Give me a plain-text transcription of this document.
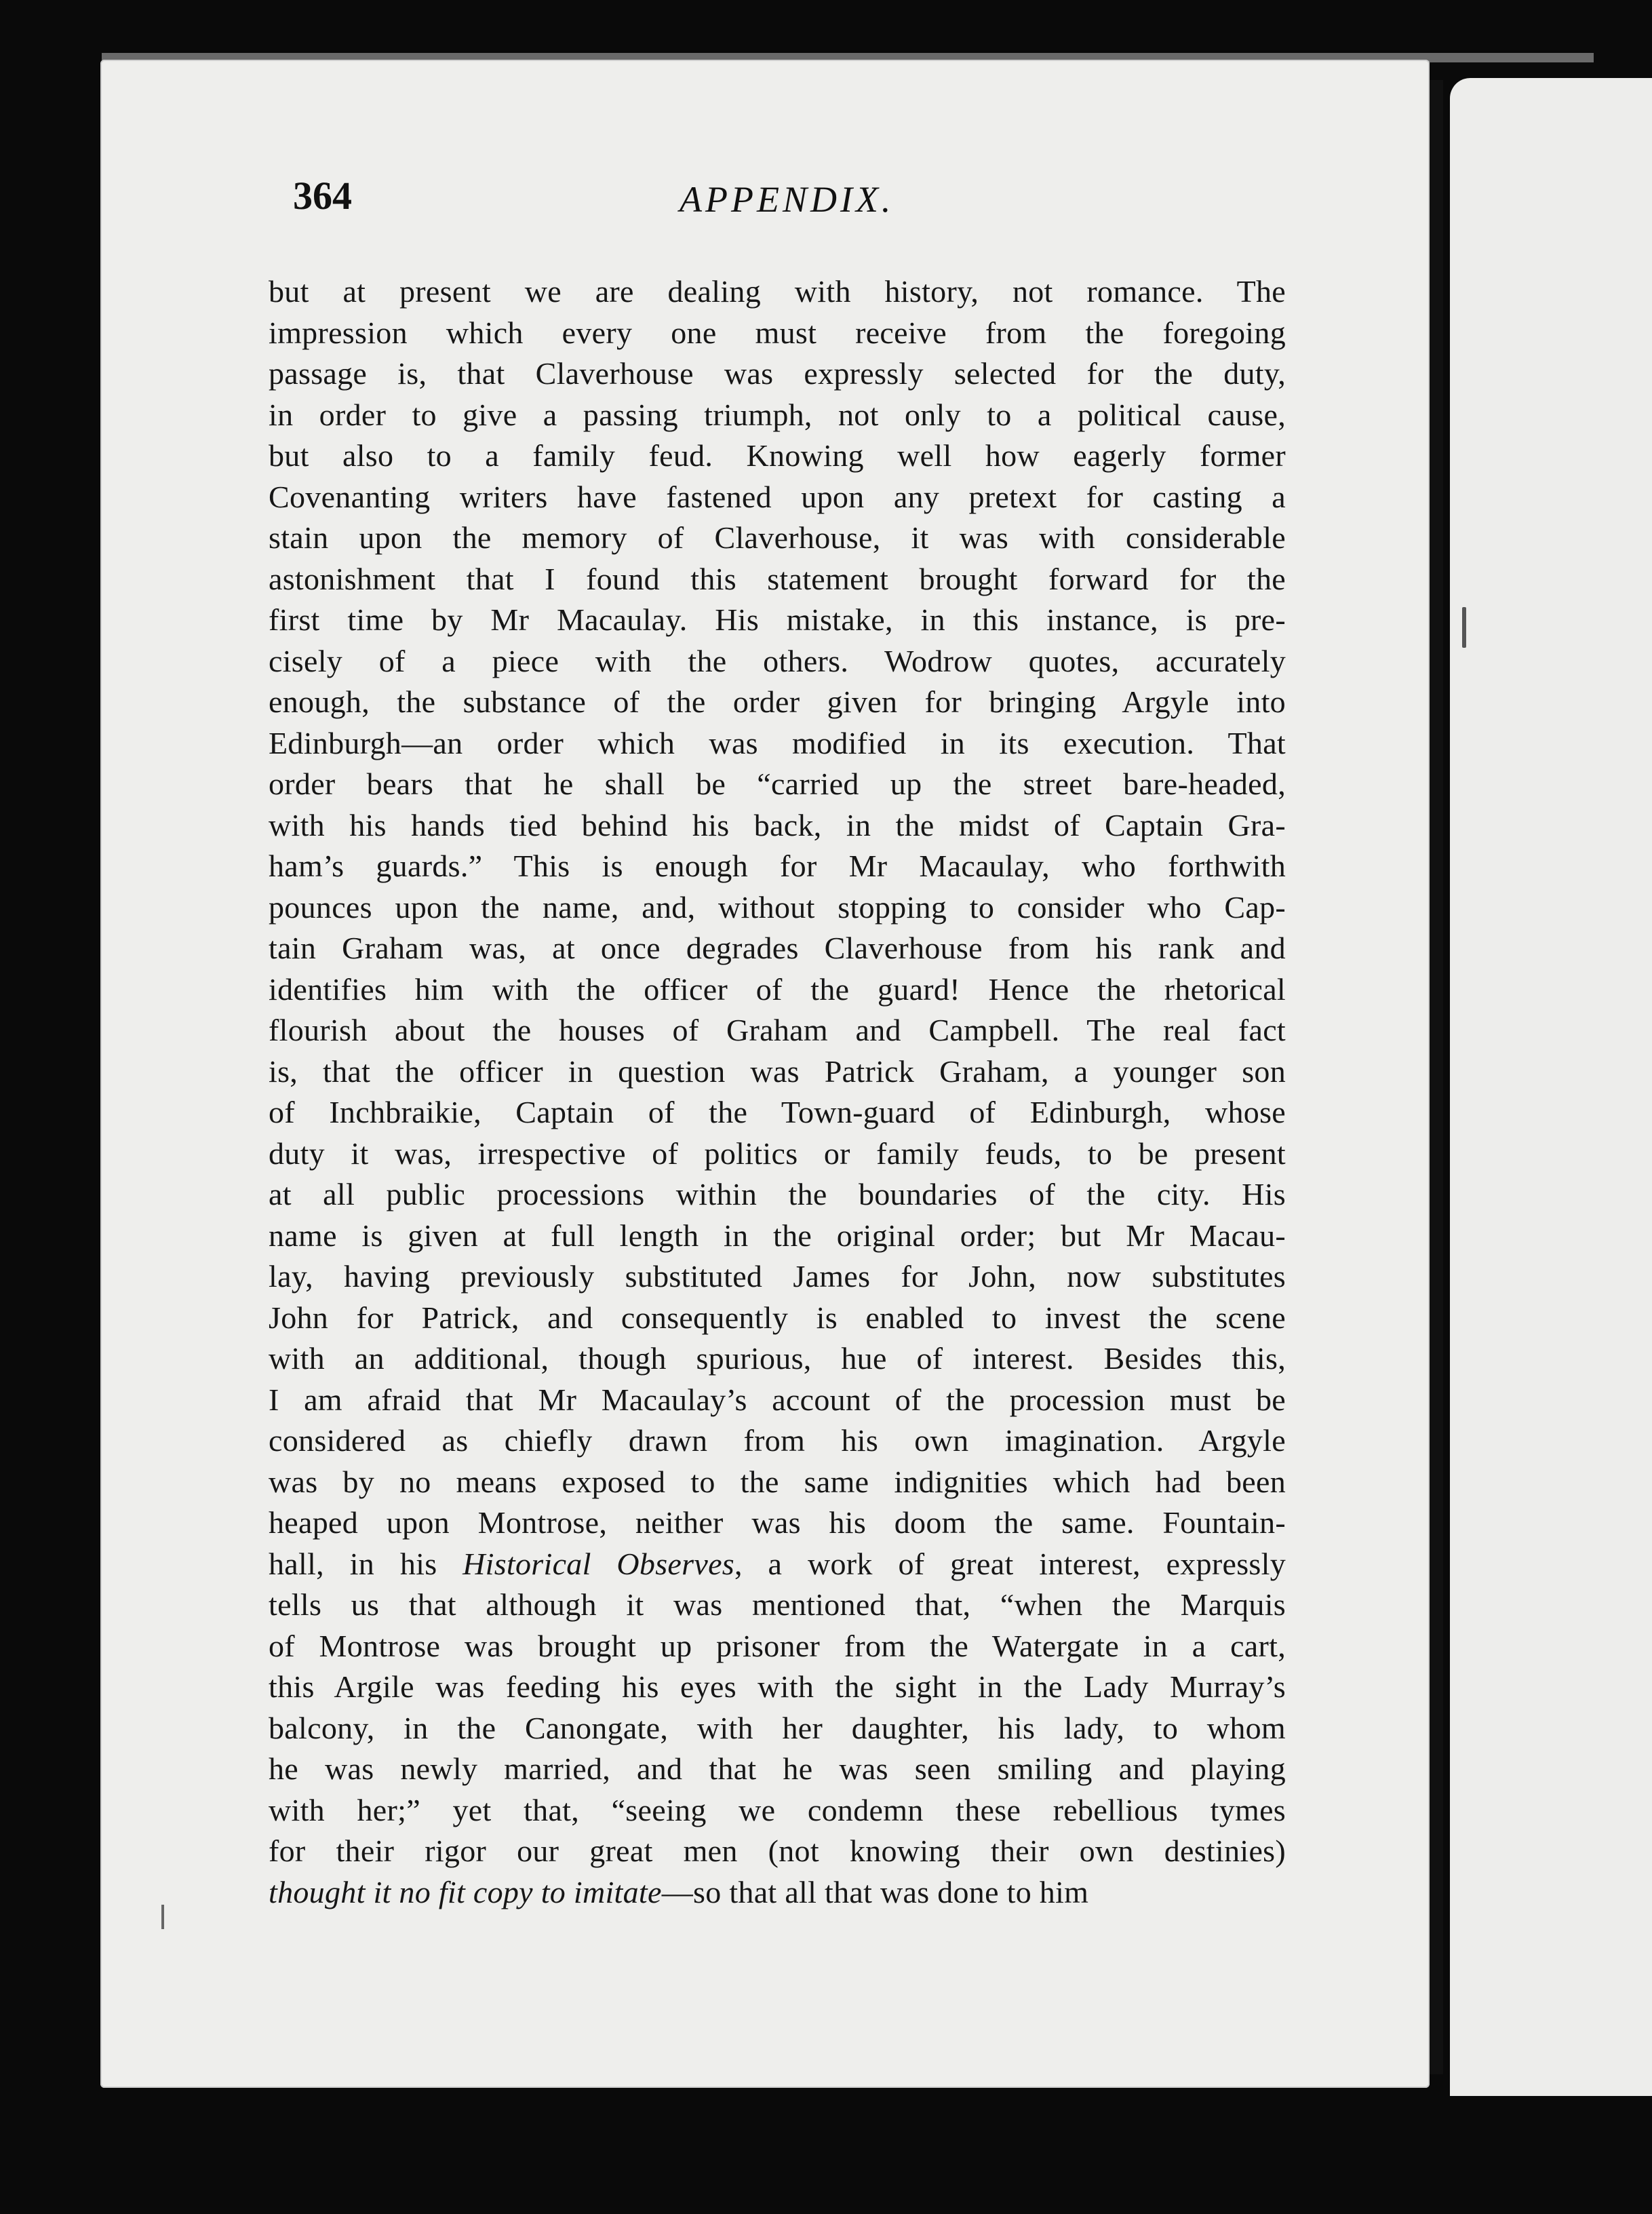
364	APPENDIX.
but at present we are dealing with history, not romance. The
impression which every one must receive from the foregoing
passage is, that Claverhouse was expressly selected for the duty,
in order to give a passing triumph, not only to a political cause,
but also to a family feud. Knowing well how eagerly former
Covenanting writers have fastened upon any pretext for casting a
stain upon the memory of Claverhouse, it was with considerable
astonishment that I found this statement brought forward for the
first time by Mr Macaulay. His mistake, in this instance, is pre-
cisely of a piece with the others. Wodrow quotes, accurately
enough, the substance of the order given for bringing Argyle into
Edinburgh—an order which was modified in its execution. That
order bears that he shall be “carried up the street bare-headed,
with his hands tied behind his back, in the midst of Captain Gra-
ham’s guards.” This is enough for Mr Macaulay, who forthwith
pounces upon the name, and, without stopping to consider who Cap-
tain Graham was, at once degrades Claverhouse from his rank and
identifies him with the officer of the guard! Hence the rhetorical
flourish about the houses of Graham and Campbell. The real fact
is, that the officer in question was Patrick Graham, a younger son
of Inchbraikie, Captain of the Town-guard of Edinburgh, whose
duty it was, irrespective of politics or family feuds, to be present
at all public processions within the boundaries of the city. His
name is given at full length in the original order; but Mr Macau-
lay, having previously substituted James for John, now substitutes
John for Patrick, and consequently is enabled to invest the scene
with an additional, though spurious, hue of interest. Besides this,
I am afraid that Mr Macaulay’s account of the procession must be
considered as chiefly drawn from his own imagination. Argyle
was by no means exposed to the same indignities which had been
heaped upon Montrose, neither was his doom the same. Fountain-
hall, in his Historical Observes, a work of great interest, expressly
tells us that although it was mentioned that, “when the Marquis
of Montrose was brought up prisoner from the Watergate in a cart,
this Argile was feeding his eyes with the sight in the Lady Murray’s
balcony, in the Canongate, with her daughter, his lady, to whom
he was newly married, and that he was seen smiling and playing
with her;” yet that, “seeing we condemn these rebellious tymes
for their rigor our great men (not knowing their own destinies)
thought it no fit copy to imitate—so that all that was done to him
